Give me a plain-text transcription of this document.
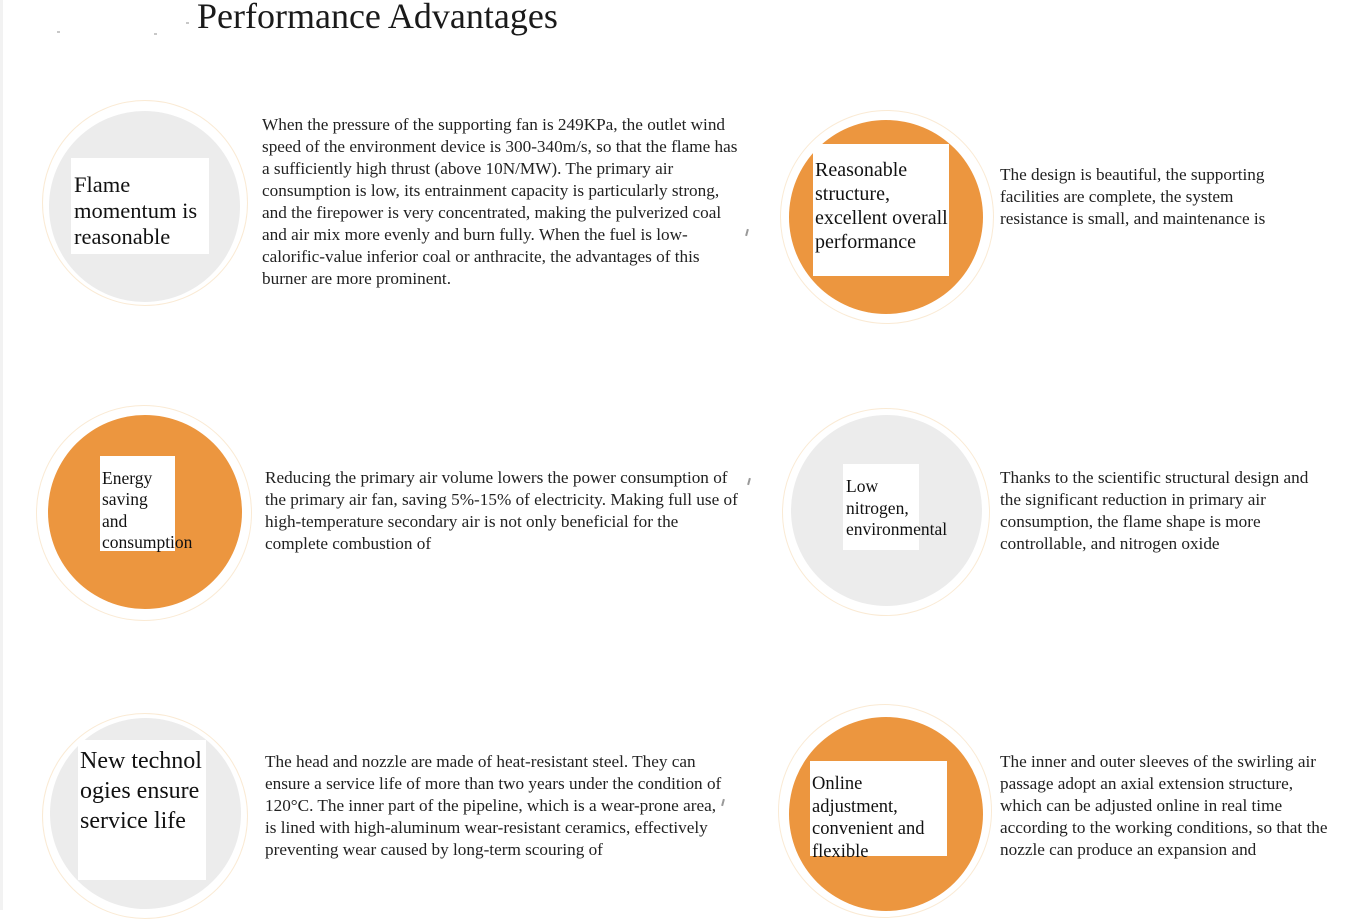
Performance Advantages
Flame momentum is reasonable
When the pressure of the supporting fan is 249KPa, the outlet wind speed of the environment device is 300-340m/s, so that the flame has a sufficiently high thrust (above 10N/MW). The primary air consumption is low, its entrainment capacity is particularly strong, and the firepower is very concentrated, making the pulverized coal and air mix more evenly and burn fully. When the fuel is low-calorific-value inferior coal or anthracite, the advantages of this burner are more prominent.
Reasonable structure, excellent overall performance
The design is beautiful, the supporting facilities are complete, the system resistance is small, and maintenance is
Energy saving and consumption
Reducing the primary air volume lowers the power consumption of the primary air fan, saving 5%-15% of electricity. Making full use of high-temperature secondary air is not only beneficial for the complete combustion of
Low nitrogen, environmental
Thanks to the scientific structural design and the significant reduction in primary air consumption, the flame shape is more controllable, and nitrogen oxide
New technologies ensure service life
The head and nozzle are made of heat-resistant steel. They can ensure a service life of more than two years under the condition of 120°C. The inner part of the pipeline, which is a wear-prone area, is lined with high-aluminum wear-resistant ceramics, effectively preventing wear caused by long-term scouring of
Online adjustment, convenient and flexible
The inner and outer sleeves of the swirling air passage adopt an axial extension structure, which can be adjusted online in real time according to the working conditions, so that the nozzle can produce an expansion and
